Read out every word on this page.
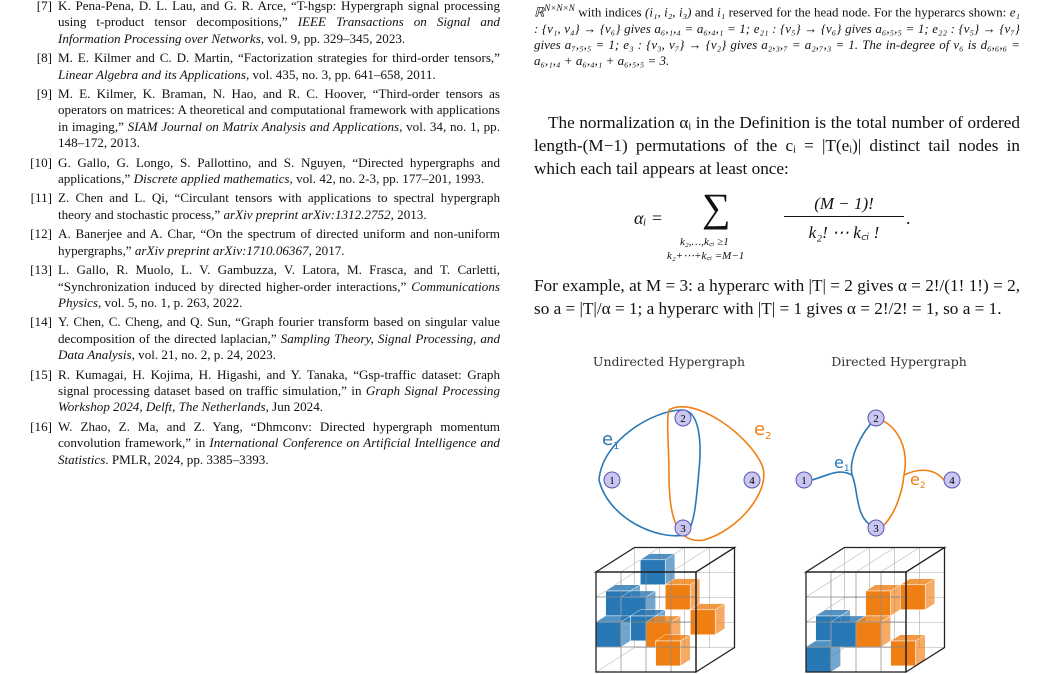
[7] K. Pena-Pena, D. L. Lau, and G. R. Arce, “T-hgsp: Hypergraph signal processing using t-product tensor decompositions,” IEEE Transactions on Signal and Information Processing over Networks, vol. 9, pp. 329–345, 2023.
[8] M. E. Kilmer and C. D. Martin, “Factorization strategies for third-order tensors,” Linear Algebra and its Applications, vol. 435, no. 3, pp. 641–658, 2011.
[9] M. E. Kilmer, K. Braman, N. Hao, and R. C. Hoover, “Third-order tensors as operators on matrices: A theoretical and computational framework with applications in imaging,” SIAM Journal on Matrix Analysis and Applications, vol. 34, no. 1, pp. 148–172, 2013.
[10] G. Gallo, G. Longo, S. Pallottino, and S. Nguyen, “Directed hypergraphs and applications,” Discrete applied mathematics, vol. 42, no. 2-3, pp. 177–201, 1993.
[11] Z. Chen and L. Qi, “Circulant tensors with applications to spectral hypergraph theory and stochastic process,” arXiv preprint arXiv:1312.2752, 2013.
[12] A. Banerjee and A. Char, “On the spectrum of directed uniform and non-uniform hypergraphs,” arXiv preprint arXiv:1710.06367, 2017.
[13] L. Gallo, R. Muolo, L. V. Gambuzza, V. Latora, M. Frasca, and T. Carletti, “Synchronization induced by directed higher-order interactions,” Communications Physics, vol. 5, no. 1, p. 263, 2022.
[14] Y. Chen, C. Cheng, and Q. Sun, “Graph fourier transform based on singular value decomposition of the directed laplacian,” Sampling Theory, Signal Processing, and Data Analysis, vol. 21, no. 2, p. 24, 2023.
[15] R. Kumagai, H. Kojima, H. Higashi, and Y. Tanaka, “Gsp-traffic dataset: Graph signal processing dataset based on traffic simulation,” in Graph Signal Processing Workshop 2024, Delft, The Netherlands, Jun 2024.
[16] W. Zhao, Z. Ma, and Z. Yang, “Dhmconv: Directed hypergraph momentum convolution framework,” in International Conference on Artificial Intelligence and Statistics. PMLR, 2024, pp. 3385–3393.
ℝ$^{N\times N\times N}$ with indices (i₁, i₂, i₃) and i₁ reserved for the head node. For the hyperarcs shown: e₁ : {v₁, v₄} → {v₆} gives a₆,₁,₄ = a₆,₄,₁ = 1; e₂₁ : {v₅} → {v₆} gives a₆,₅,₅ = 1; e₂₂ : {v₅} → {v₇} gives a₇,₅,₅ = 1; e₃ : {v₃, v₇} → {v₂} gives a₂,₃,₇ = a₂,₇,₃ = 1. The in-degree of v₆ is d₆,₆,₆ = a₆,₁,₄ + a₆,₄,₁ + a₆,₅,₅ = 3.
The normalization αᵢ in the Definition is the total number of ordered length-(M−1) permutations of the cᵢ = |T(eᵢ)| distinct tail nodes in which each tail appears at least once:
αᵢ = ∑
k₂,…,k꜀ᵢ ≥1
k₂+⋯+k꜀ᵢ =M−1
(M − 1)!
k₂! ⋯ k꜀ᵢ !
.
For example, at M = 3: a hyperarc with |T| = 2 gives α = 2!/(1! 1!) = 2, so a = |T|/α = 1; a hyperarc with |T| = 1 gives α = 2!/2! = 1, so a = 1.
Undirected Hypergraph	Directed Hypergraph
$e_1$
$e_2$
1
2
3
4
e1
e2
1
2
3
4
